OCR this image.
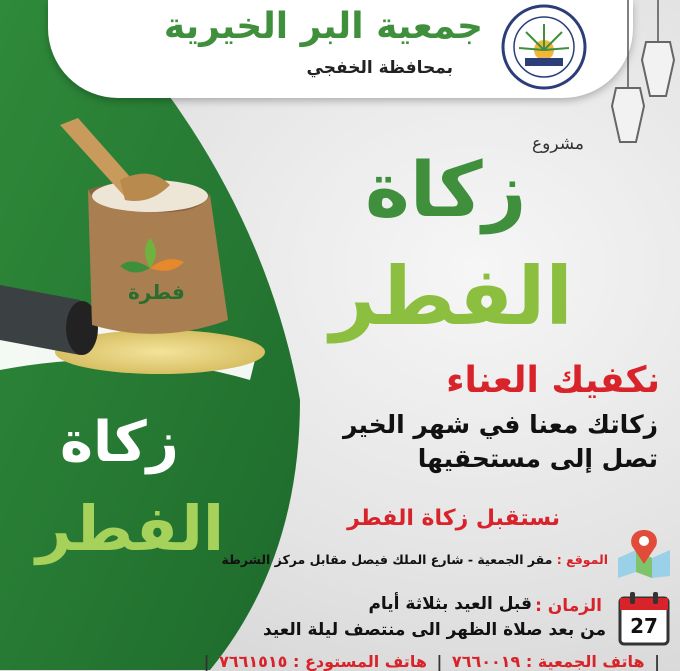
فطرة
جمعية البر الخيرية
بمحافظة الخفجي
مشروع
زكاة
الفطر
نكفيك العناء
زكاتك معنا في شهر الخير
تصل إلى مستحقيها
نستقبل زكاة الفطر
زكاة
الفطر	الموقع : مقر الجمعية - شارع الملك فيصل مقابل مركز الشرطة
27
الزمان :
قبل العيد بثلاثة أيام
من بعد صلاة الظهر الى منتصف ليلة العيد
| هاتف الجمعية : ٧٦٦٠٠١٩ | هاتف المستودع : ٧٦٦١٥١٥ |
